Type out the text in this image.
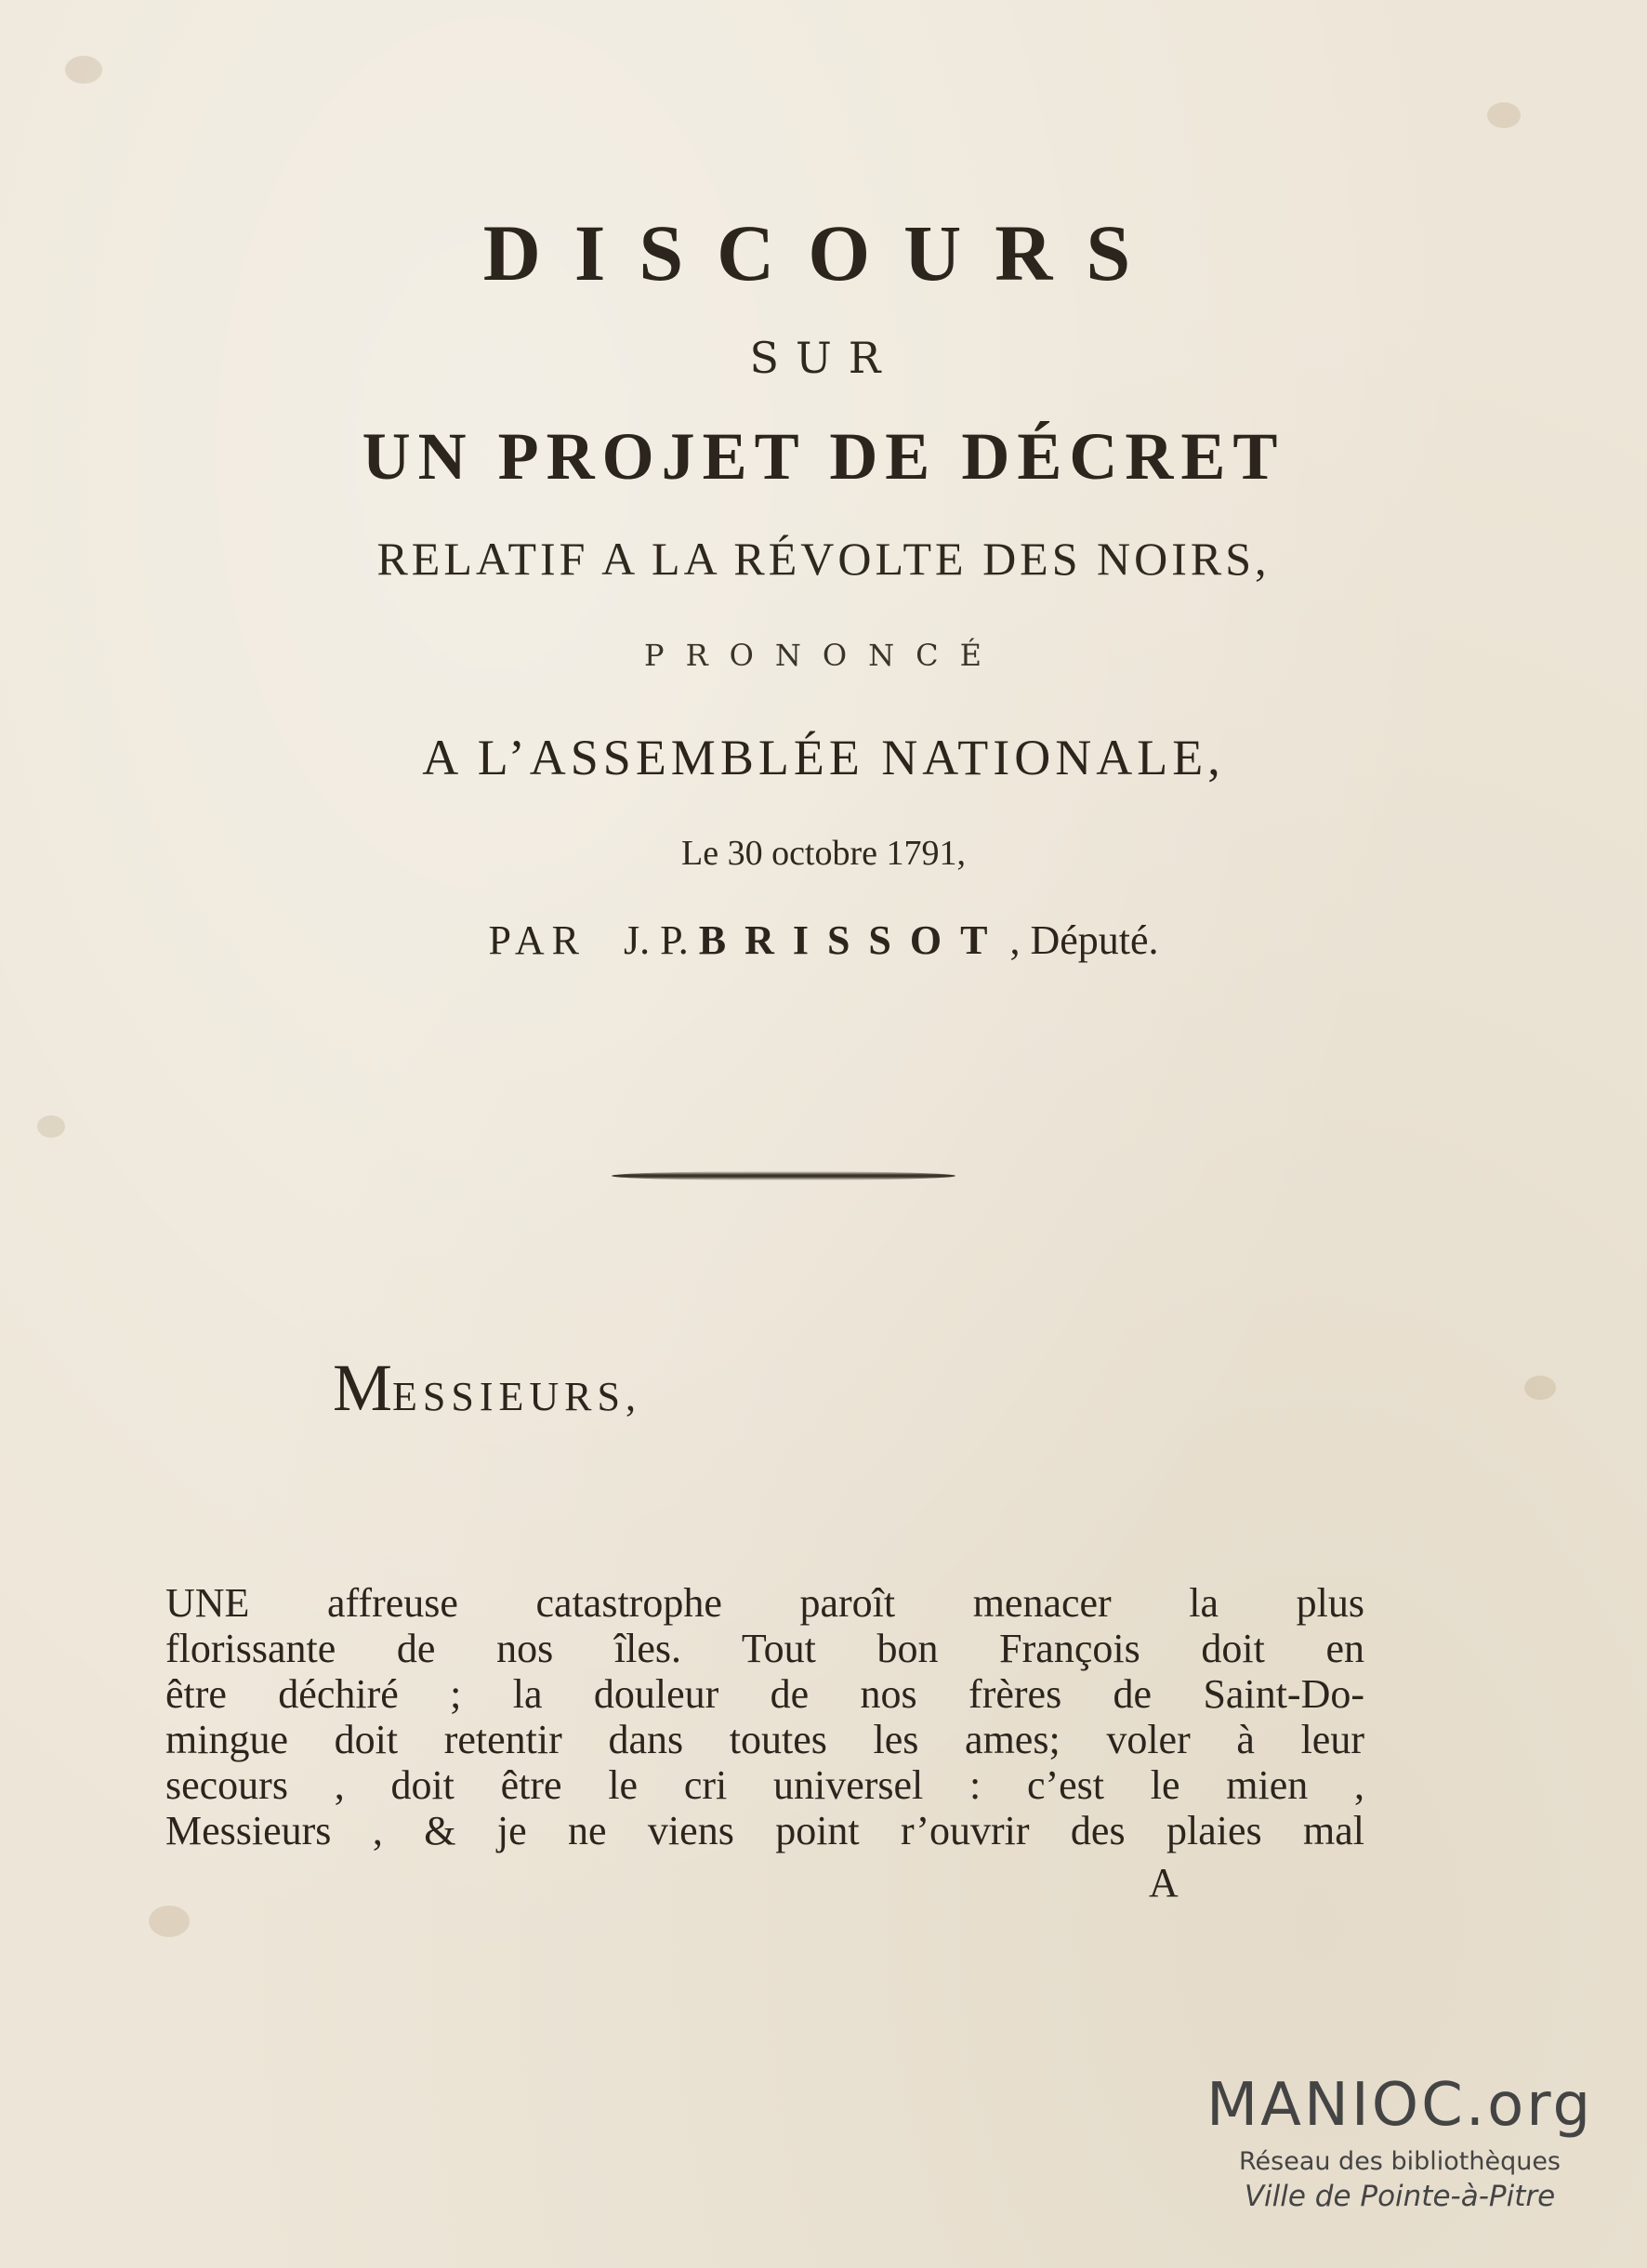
DISCOURS
SUR
UN PROJET DE DÉCRET
RELATIF A LA RÉVOLTE DES NOIRS,
PRONONCÉ
A L’ASSEMBLÉE NATIONALE,
Le 30 octobre 1791,
PAR J. P. BRISSOT, Député.
MESSIEURS,
UNE affreuse catastrophe paroît menacer la plus
florissante de nos îles. Tout bon François doit en
être déchiré ; la douleur de nos frères de Saint-Do-
mingue doit retentir dans toutes les ames; voler à leur
secours , doit être le cri universel : c’est le mien ,
Messieurs , & je ne viens point r’ouvrir des plaies mal
A
MANIOC.org
Réseau des bibliothèques
Ville de Pointe-à-Pitre
